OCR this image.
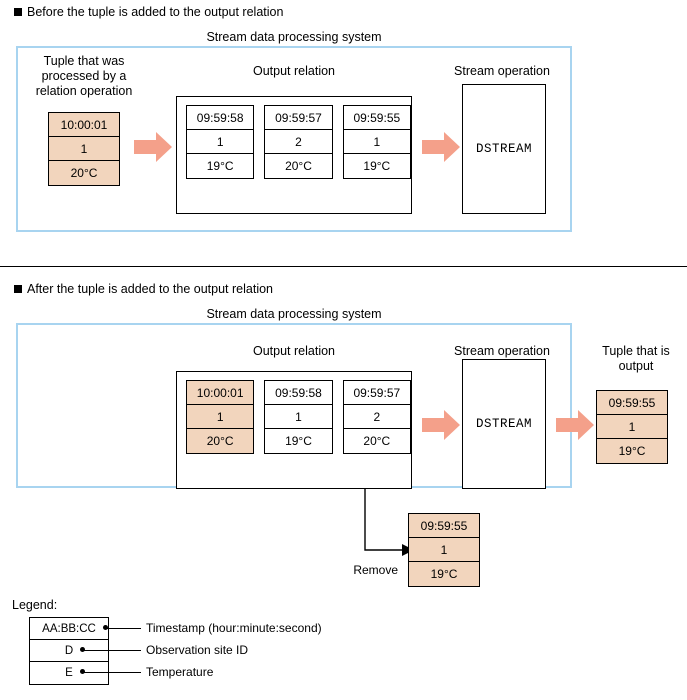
Before the tuple is added to the output relation
Stream data processing system
Tuple that was processed by a relation operation
10:00:01
1
20°C
Output relation
09:59:58
1
19°C
09:59:57
2
20°C
09:59:55
1
19°C
Stream operation
DSTREAM
After the tuple is added to the output relation
Stream data processing system
Output relation
10:00:01
1
20°C
09:59:58
1
19°C
09:59:57
2
20°C
Stream operation
DSTREAM
Tuple that is output
09:59:55
1
19°C
Remove
09:59:55
1
19°C
Legend:
AA:BB:CC
D
E
Timestamp (hour:minute:second)
Observation site ID
Temperature
